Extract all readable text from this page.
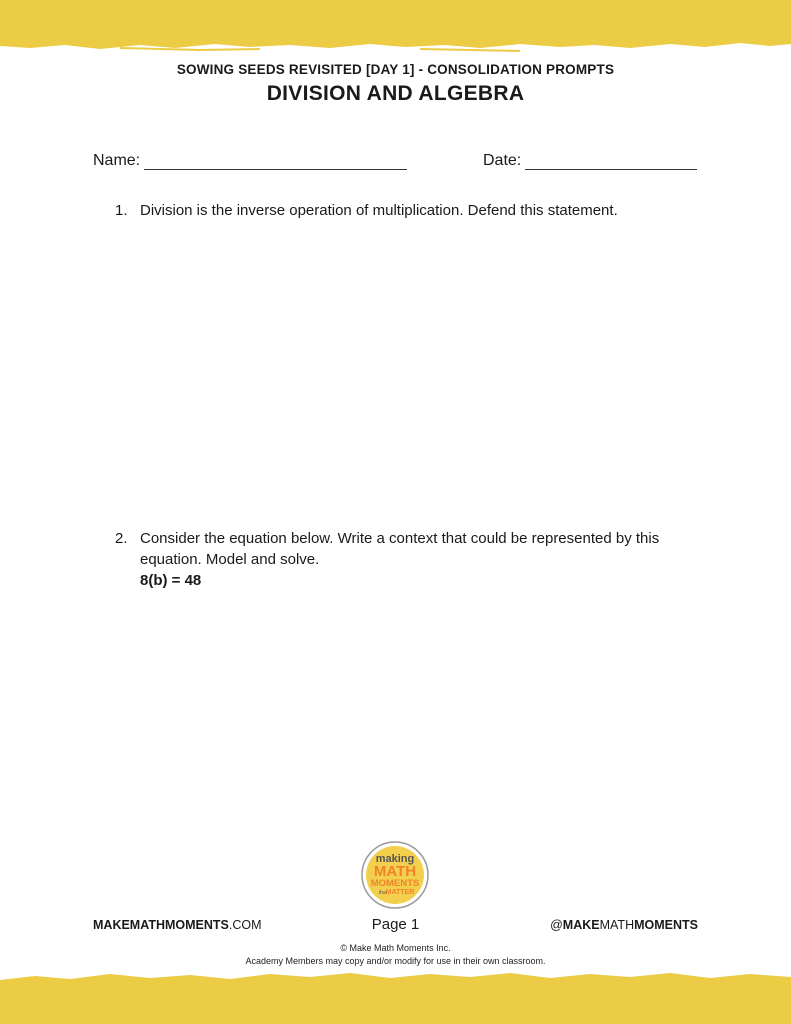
SOWING SEEDS REVISITED [DAY 1] - CONSOLIDATION PROMPTS
DIVISION AND ALGEBRA
Name:	Date:
1. Division is the inverse operation of multiplication. Defend this statement.
2. Consider the equation below. Write a context that could be represented by this equation. Model and solve.
8(b) = 48
making
MATH
MOMENTS
that
MATTER
MAKEMATHMOMENTS.COM	Page 1	@MAKEMATHMOMENTS
© Make Math Moments Inc.
Academy Members may copy and/or modify for use in their own classroom.
